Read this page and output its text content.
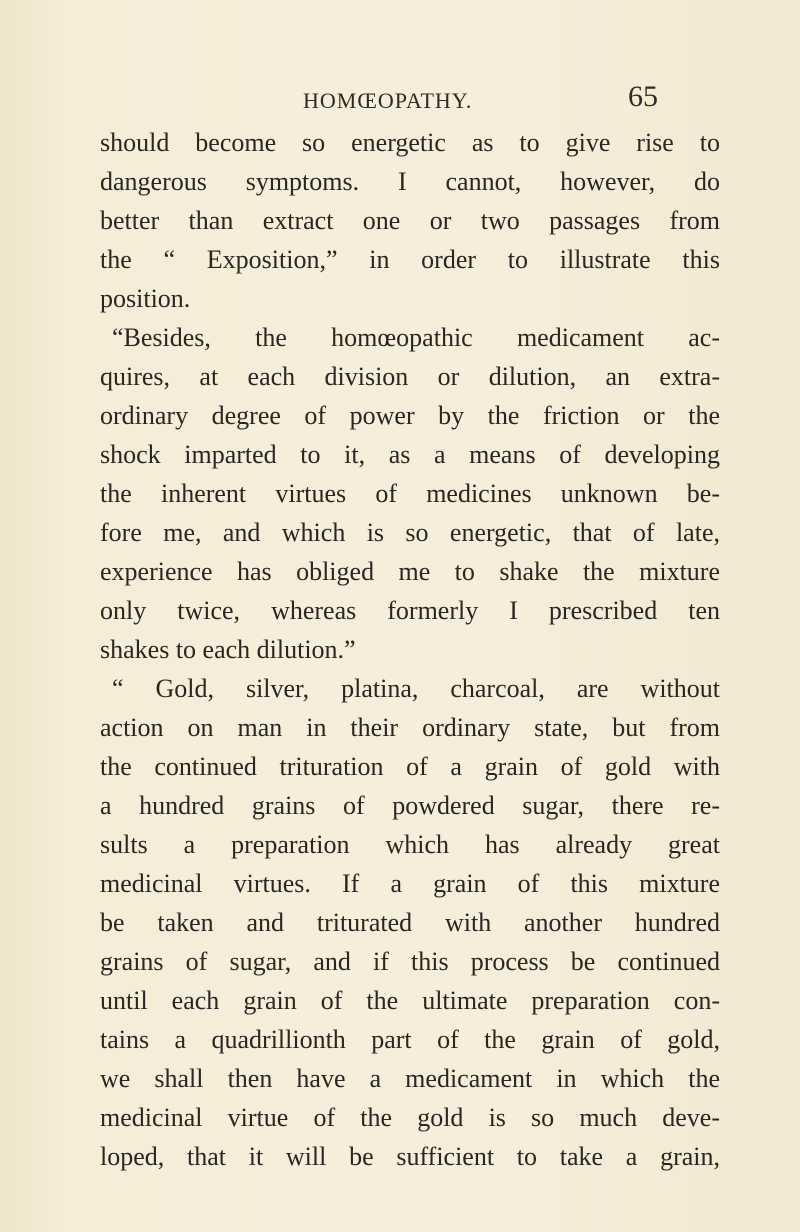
HOMŒOPATHY.	65
should become so energetic as to give rise to
dangerous symptoms. I cannot, however, do
better than extract one or two passages from
the “ Exposition,” in order to illustrate this
position.
“Besides, the homœopathic medicament ac-
quires, at each division or dilution, an extra-
ordinary degree of power by the friction or the
shock imparted to it, as a means of developing
the inherent virtues of medicines unknown be-
fore me, and which is so energetic, that of late,
experience has obliged me to shake the mixture
only twice, whereas formerly I prescribed ten
shakes to each dilution.”
“ Gold, silver, platina, charcoal, are without
action on man in their ordinary state, but from
the continued trituration of a grain of gold with
a hundred grains of powdered sugar, there re-
sults a preparation which has already great
medicinal virtues. If a grain of this mixture
be taken and triturated with another hundred
grains of sugar, and if this process be continued
until each grain of the ultimate preparation con-
tains a quadrillionth part of the grain of gold,
we shall then have a medicament in which the
medicinal virtue of the gold is so much deve-
loped, that it will be sufficient to take a grain,
